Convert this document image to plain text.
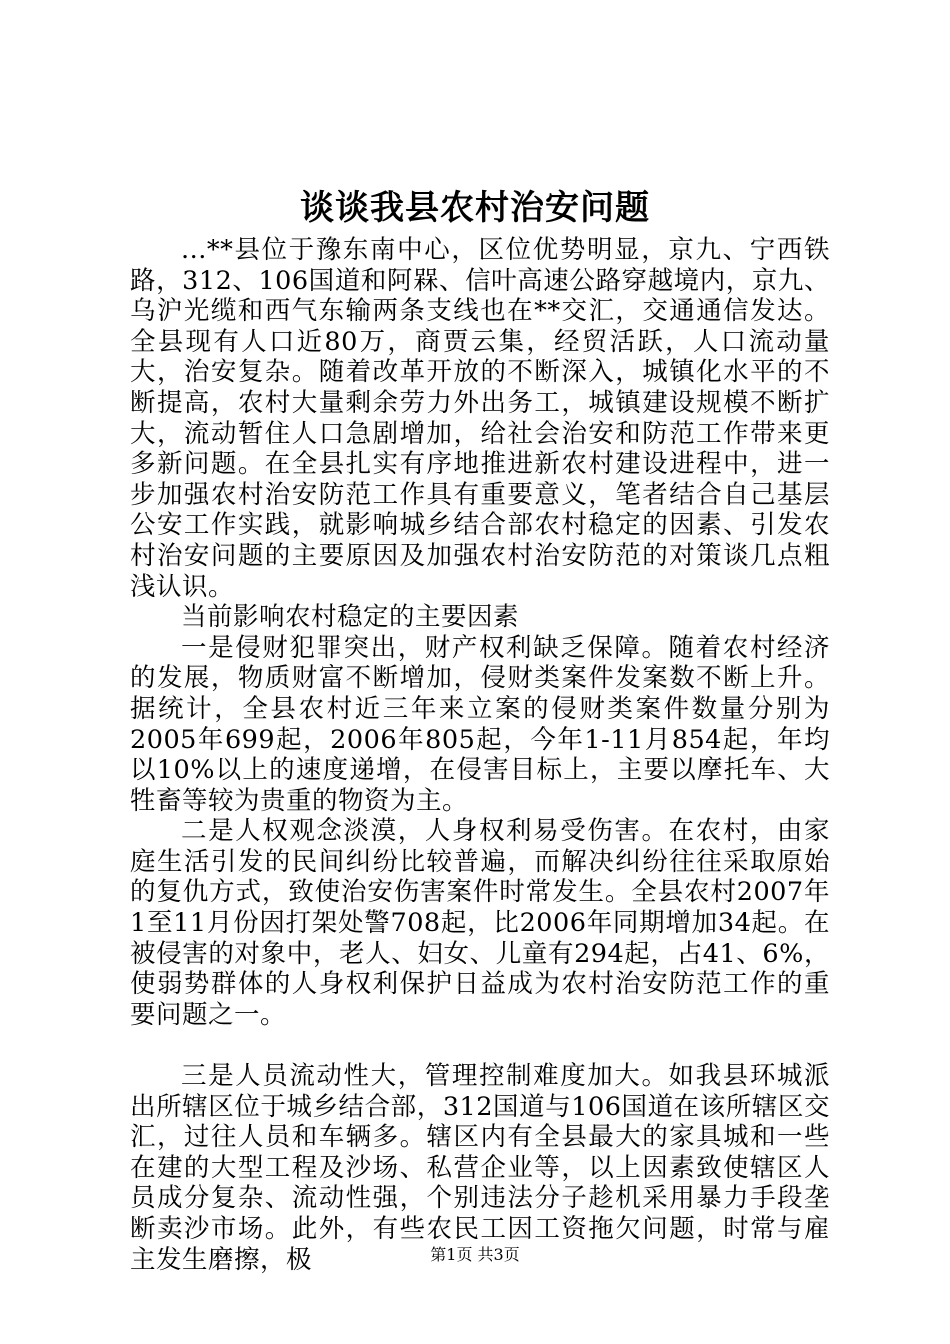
谈谈我县农村治安问题

...**县位于豫东南中心，区位优势明显，京九、宁西铁路，312、106国道和阿槑、信叶高速公路穿越境内，京九、乌沪光缆和西气东输两条支线也在**交汇，交通通信发达。全县现有人口近80万，商贾云集，经贸活跃，人口流动量大，治安复杂。随着改革开放的不断深入，城镇化水平的不断提高，农村大量剩余劳力外出务工，城镇建设规模不断扩大，流动暂住人口急剧增加，给社会治安和防范工作带来更多新问题。在全县扎实有序地推进新农村建设进程中，进一步加强农村治安防范工作具有重要意义，笔者结合自己基层公安工作实践，就影响城乡结合部农村稳定的因素、引发农村治安问题的主要原因及加强农村治安防范的对策谈几点粗浅认识。

当前影响农村稳定的主要因素

一是侵财犯罪突出，财产权利缺乏保障。随着农村经济的发展，物质财富不断增加，侵财类案件发案数不断上升。据统计，全县农村近三年来立案的侵财类案件数量分别为2005年699起，2006年805起，今年1-11月854起，年均以10%以上的速度递增，在侵害目标上，主要以摩托车、大牲畜等较为贵重的物资为主。

二是人权观念淡漠，人身权利易受伤害。在农村，由家庭生活引发的民间纠纷比较普遍，而解决纠纷往往采取原始的复仇方式，致使治安伤害案件时常发生。全县农村2007年1至11月份因打架处警708起，比2006年同期增加34起。在被侵害的对象中，老人、妇女、儿童有294起，占41、6%，使弱势群体的人身权利保护日益成为农村治安防范工作的重要问题之一。

三是人员流动性大，管理控制难度加大。如我县环城派出所辖区位于城乡结合部，312国道与106国道在该所辖区交汇，过往人员和车辆多。辖区内有全县最大的家具城和一些在建的大型工程及沙场、私营企业等，以上因素致使辖区人员成分复杂、流动性强，个别违法分子趁机采用暴力手段垄断卖沙市场。此外，有些农民工因工资拖欠问题，时常与雇主发生磨擦，极	第1页 共3页
